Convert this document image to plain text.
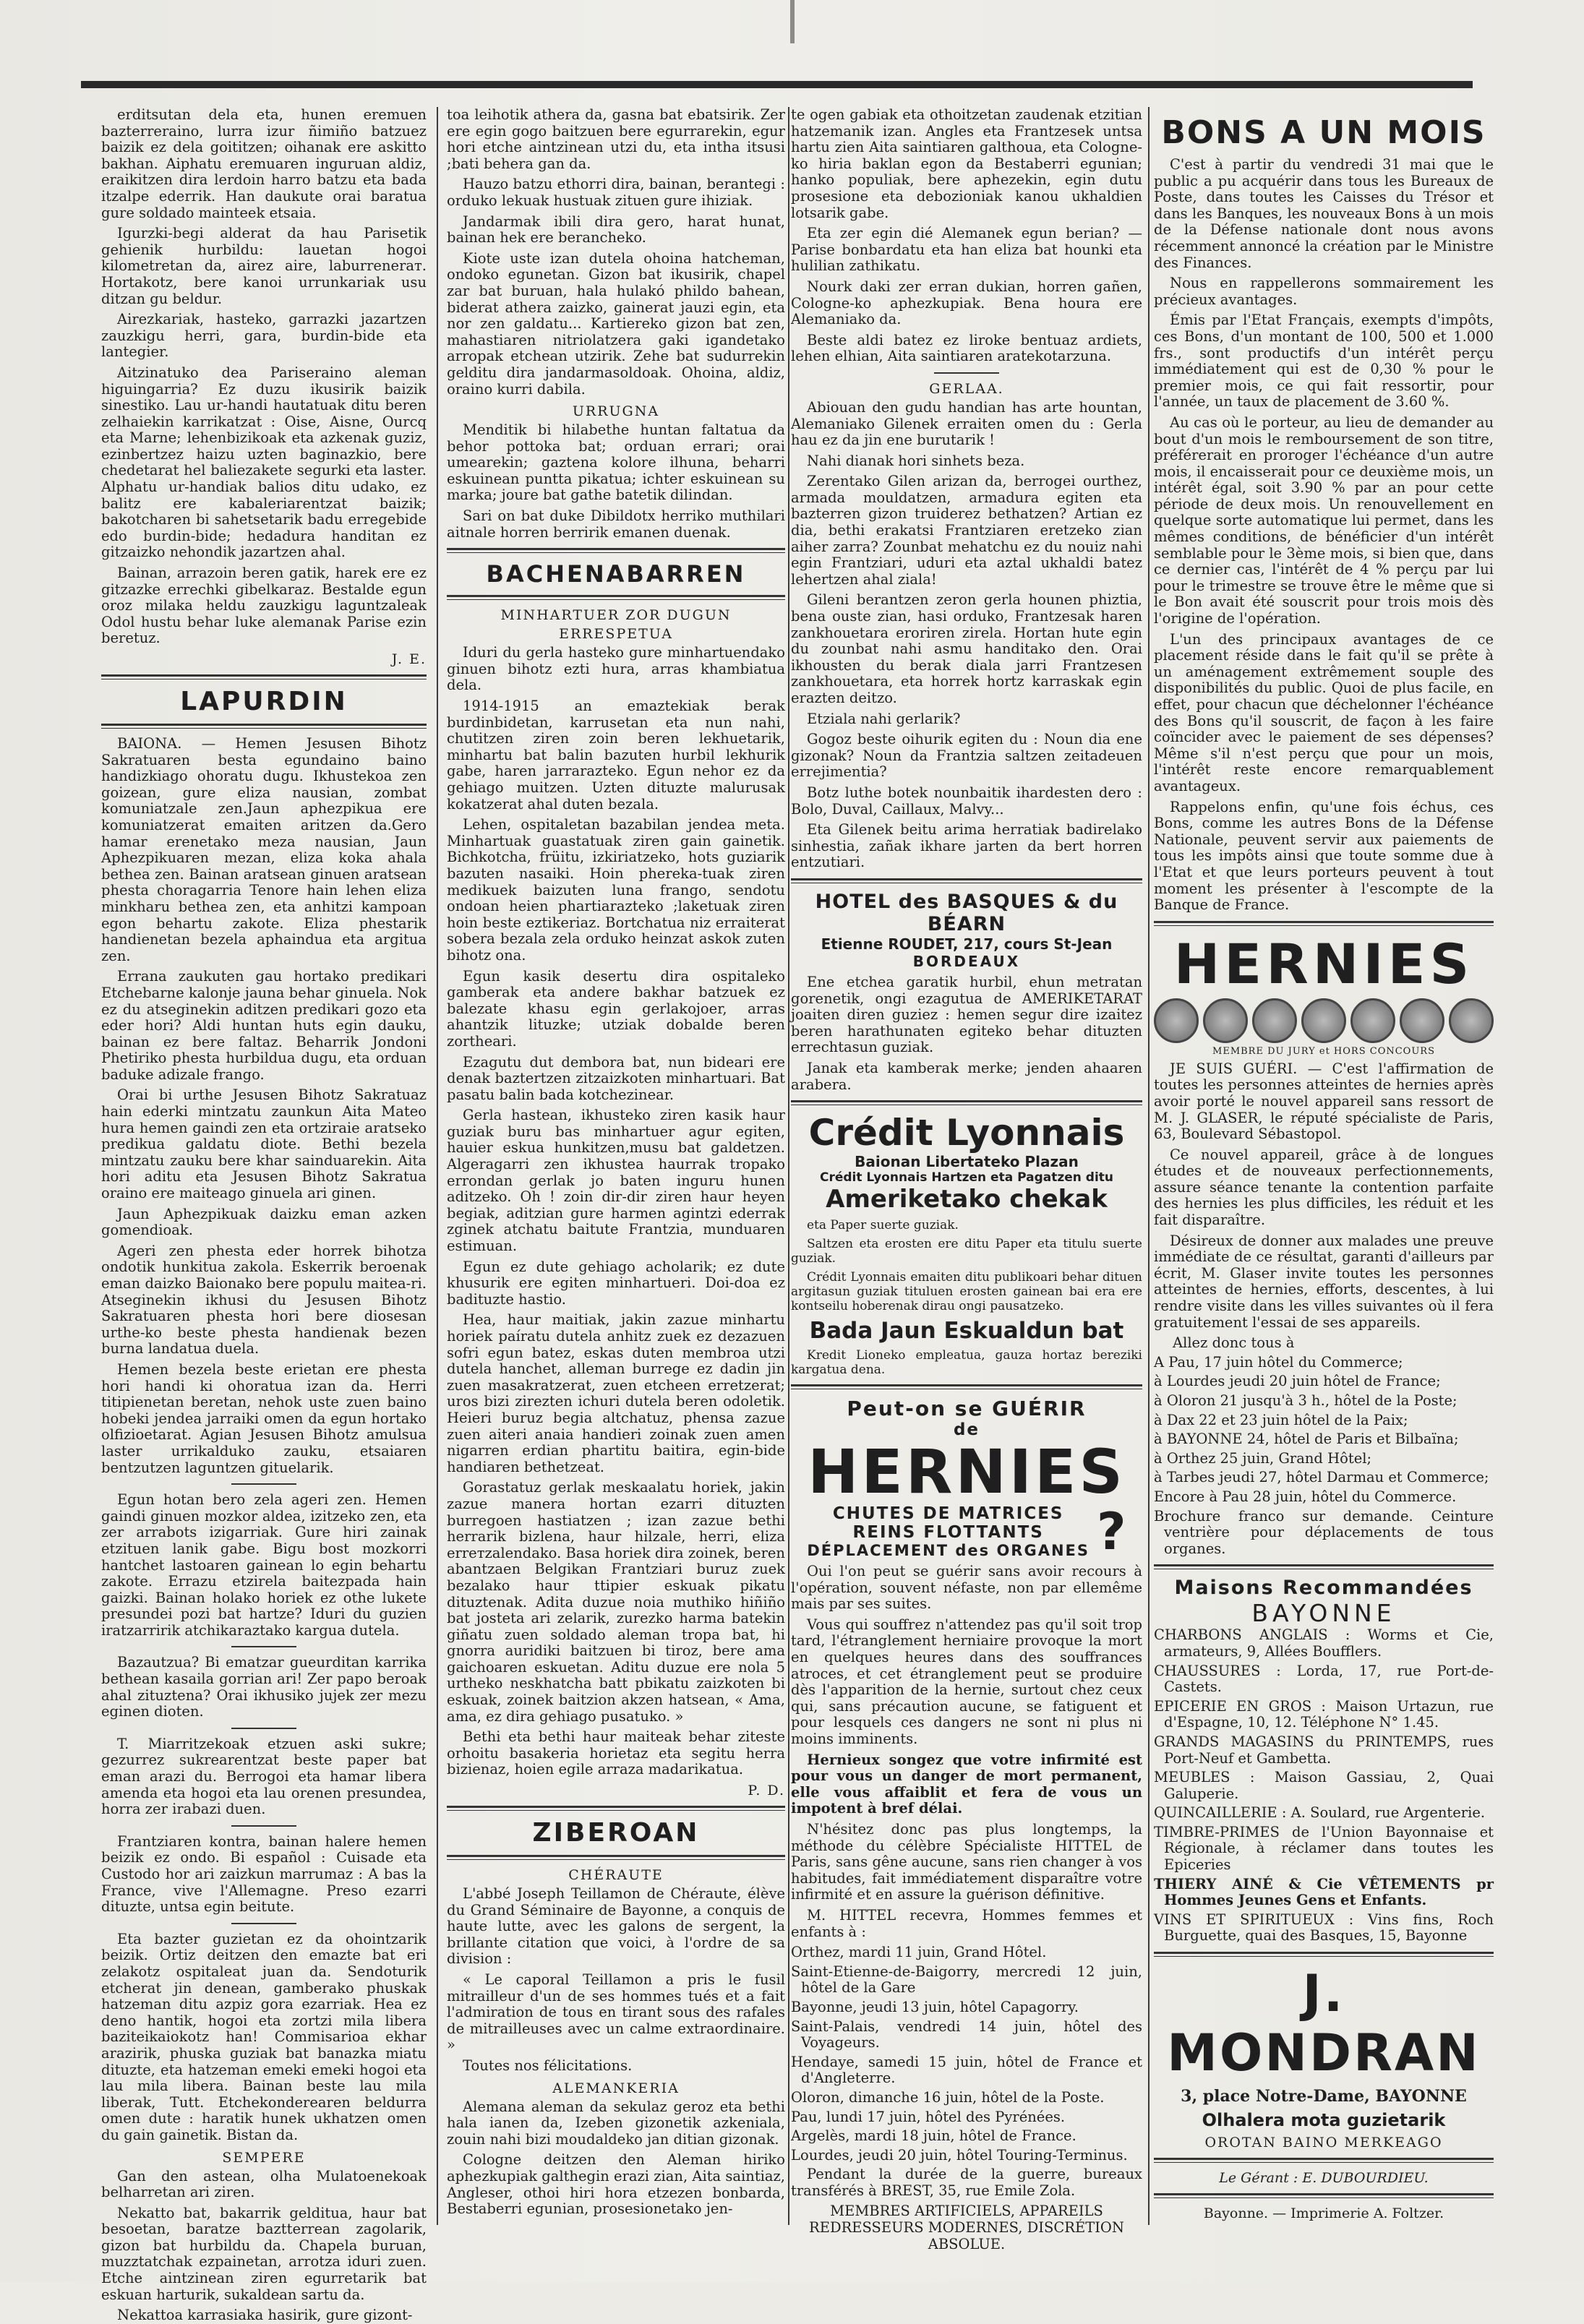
erditsutan dela eta, hunen eremuen bazterreraino, lurra izur ñimiño batzuez baizik ez dela goititzen; oihanak ere askitto bakhan. Aiphatu eremuaren inguruan aldiz, eraikitzen dira lerdoin harro batzu eta bada itzalpe ederrik. Han daukute orai baratua gure soldado mainteek etsaia.

Igurzki-begi alderat da hau Parisetik gehienik hurbildu: lauetan hogoi kilometretan da, airez aire, laburreneraт. Hortakotz, bere kanoi urrunkariak usu ditzan gu beldur.

Airezkariak, hasteko, garrazki jazartzen zauzkigu herri, gara, burdin-bide eta lantegier.

Aitzinatuko dea Pariseraino aleman higuingarria? Ez duzu ikusirik baizik sinestiko. Lau ur-handi hautatuak ditu beren zelhaiekin karrikatzat : Oise, Aisne, Ourcq eta Marne; lehenbizikoak eta azkenak guziz, ezinbertzez haizu uzten baginazkio, bere chedetarat hel baliezakete segurki eta laster. Alphatu ur-handiak balios ditu udako, ez balitz ere kabaleriarentzat baizik; bakotcharen bi sahetsetarik badu erregebide edo burdin-bide; hedadura handitan ez gitzaizko nehondik jazartzen ahal.

Bainan, arrazoin beren gatik, harek ere ez gitzazke errechki gibelkaraz. Bestalde egun oroz milaka heldu zauzkigu laguntzaleak Odol hustu behar luke alemanak Parise ezin beretuz.

J. E.
LAPURDIN

BAIONA. — Hemen Jesusen Bihotz Sakratuaren besta egundaino baino handizkiago ohoratu dugu. Ikhustekoa zen goizean, gure eliza nausian, zombat komuniatzale zen.Jaun aphezpikua ere komuniatzerat emaiten aritzen da.Gero hamar erenetako meza nausian, Jaun Aphezpikuaren mezan, eliza koka ahala bethea zen. Bainan aratsean ginuen aratsean phesta choragarria Tenore hain lehen eliza minkharu bethea zen, eta anhitzi kampoan egon behartu zakote. Eliza phestarik handienetan bezela aphaindua eta argitua zen.

Errana zaukuten gau hortako predikari Etchebarne kalonje jauna behar ginuela. Nok ez du atseginekin aditzen predikari gozo eta eder hori? Aldi huntan huts egin dauku, bainan ez bere faltaz. Beharrik Jondoni Phetiriko phesta hurbildua dugu, eta orduan baduke adizale frango.

Orai bi urthe Jesusen Bihotz Sakratuaz hain ederki mintzatu zaunkun Aita Mateo hura hemen gaindi zen eta ortziraie aratseko predikua galdatu diote. Bethi bezela mintzatu zauku bere khar sainduarekin. Aita hori aditu eta Jesusen Bihotz Sakratua oraino ere maiteago ginuela ari ginen.

Jaun Aphezpikuak daizku eman azken gomendioak.

Ageri zen phesta eder horrek bihotza ondotik hunkitua zakola. Eskerrik beroenak eman daizko Baionako bere populu maitea-ri. Atseginekin ikhusi du Jesusen Bihotz Sakratuaren phesta hori bere diosesan urthe-ko beste phesta handienak bezen burna landatua duela.

Hemen bezela beste erietan ere phesta hori handi ki ohoratua izan da. Herri titipienetan beretan, nehok uste zuen baino hobeki jendea jarraiki omen da egun hortako olfizioetarat. Agian Jesusen Bihotz amulsua laster urrikalduko zauku, etsaiaren bentzutzen laguntzen gituelarik.

Egun hotan bero zela ageri zen. Hemen gaindi ginuen mozkor aldea, izitzeko zen, eta zer arrabots izigarriak. Gure hiri zainak etzituen lanik gabe. Bigu bost mozkorri hantchet lastoaren gainean lo egin behartu zakote. Errazu etzirela baitezpada hain gaizki. Bainan holako horiek ez othe lukete presundei pozi bat hartze? Iduri du guzien iratzarririk atchikaraztako kargua dutela.

Bazautzua? Bi ematzar gueurditan karrika bethean kasaila gorrian ari! Zer papo beroak ahal zituztena? Orai ikhusiko jujek zer mezu eginen dioten.

T. Miarritzekoak etzuen aski sukre; gezurrez sukrearentzat beste paper bat eman arazi du. Berrogoi eta hamar libera amenda eta hogoi eta lau orenen presundea, horra zer irabazi duen.

Frantziaren kontra, bainan halere hemen beizik ez ondo. Bi español : Cuisade eta Custodo hor ari zaizkun marrumaz : A bas la France, vive l'Allemagne. Preso ezarri dituzte, untsa egin beitute.

Eta bazter guzietan ez da ohointzarik beizik. Ortiz deitzen den emazte bat eri zelakotz ospitaleat juan da. Sendoturik etcherat jin denean, gamberako phuskak hatzeman ditu azpiz gora ezarriak. Hea ez deno hantik, hogoi eta zortzi mila libera baziteikaiokotz han! Commisarioa ekhar arazirik, phuska guziak bat banazka miatu dituzte, eta hatzeman emeki emeki hogoi eta lau mila libera. Bainan beste lau mila liberak, Tutt. Etchekonderearen beldurra omen dute : haratik hunek ukhatzen omen du gain gainetik. Bistan da.

SEMPERE

Gan den astean, olha Mulatoenekoak belharretan ari ziren.

Nekatto bat, bakarrik gelditua, haur bat besoetan, baratze baztterrean zagolarik, gizon bat hurbildu da. Chapela buruan, muzztatchak ezpainetan, arrotza iduri zuen. Etche aintzinean ziren egurretarik bat eskuan harturik, sukaldean sartu da.

Nekattoa karrasiaka hasirik, gure gizont-

toa leihotik athera da, gasna bat ebatsirik. Zer ere egin gogo baitzuen bere egurrarekin, egur hori etche aintzinean utzi du, eta intha itsusi ;bati behera gan da.

Hauzo batzu ethorri dira, bainan, berantegi : orduko lekuak hustuak zituen gure ihiziak.

Jandarmak ibili dira gero, harat hunat, bainan hek ere berancheko.

Kiote uste izan dutela ohoina hatcheman, ondoko egunetan. Gizon bat ikusirik, chapel zar bat buruan, hala hulakó phildo bahean, biderat athera zaizko, gainerat jauzi egin, eta nor zen galdatu... Kartiereko gizon bat zen, mahastiaren nitriolatzera gaki igandetako arropak etchean utzirik. Zehe bat sudurrekin gelditu dira jandarmasoldoak. Ohoina, aldiz, oraino kurri dabila.

URRUGNA

Menditik bi hilabethe huntan faltatua da behor pottoka bat; orduan errari; orai umearekin; gaztena kolore ilhuna, beharri eskuinean puntta pikatua; ichter eskuinean su marka; joure bat gathe batetik dilindan.

Sari on bat duke Dibildotx herriko muthilari aitnale horren berririk emanen duenak.

BACHENABARREN
MINHARTUER ZOR DUGUN
ERRESPETUA

Iduri du gerla hasteko gure minhartuendako ginuen bihotz ezti hura, arras khambiatua dela.

1914-1915 an emaztekiak berak burdinbidetan, karrusetan eta nun nahi, chutitzen ziren zoin beren lekhuetarik, minhartu bat balin bazuten hurbil lekhurik gabe, haren jarraraztеko. Egun nehor ez da gehiago muitzen. Uzten dituzte malurusak kokatzerat ahal duten bezala.

Lehen, ospitaletan bazabilan jendea meta. Minhartuak guastatuak ziren gain gainetik. Bichkotcha, früitu, izkiriatzeko, hots guziarik bazuten nasaiki. Hoin phereka-tuak ziren medikuek baizuten luna frango, sendotu ondoan heien phartiaraztеko ;laketuak ziren hoin beste eztikeriaz. Bortchatua niz erraiterat sobera bezala zela orduko heinzat askok zuten bihotz ona.

Egun kasik desertu dira ospitaleko gamberak eta andere bakhar batzuek ez balezate khasu egin gerlakojoer, arras ahantzik lituzke; utziak dobalde beren zortheari.

Ezagutu dut dembora bat, nun bideari ere denak baztertzen zitzaizkoten minhartuari. Bat pasatu balin bada kotchezinear.

Gerla hastean, ikhusteko ziren kasik haur guziak buru bas minhartuer agur egiten, hauier eskua hunkitzen,musu bat galdetzen. Algeragarri zen ikhustea haurrak tropako errondan gerlak jo baten inguru hunen aditzeko. Oh ! zoin dir-dir ziren haur heyen begiak, aditzian gure harmen agintzi ederrak zginek atchatu baitute Frantzia, munduaren estimuan.

Egun ez dute gehiago acholarik; ez dute khusurik ere egiten minhartueri. Doi-doa ez badituzte hastio.

Hea, haur maitiak, jakin zazue minhartu horiek paíratu dutela anhitz zuek ez dezazuen sofri egun batez, eskas duten membroa utzi dutela hanchet, alleman burrege ez dadin jin zuen masakratzerat, zuen etcheen erretzerat; uros bizi zirezten ichuri dutela beren odoletik. Heieri buruz begia altchatuz, phensa zazue zuen aiteri anaia handieri zoinak zuen amen nigarren erdian phartitu baitira, egin-bide handiaren bethetzeat.

Gorastatuz gerlak meskaalatu horiek, jakin zazue manera hortan ezarri dituzten burregoen hastiatzen ; izan zazue bethi herrarik bizlena, haur hilzale, herri, eliza errетzalendako. Basa horiek dira zoinek, beren abantzaen Belgikan Frantziari buruz zuek bezalako haur ttipier eskuak pikatu dituztenak. Adita duzue noia muthiko hiñiño bat josteta ari zelarik, zurezko harma batekin giñatu zuen soldado aleman tropa bat, hi gnorra auridiki baitzuen bi tiroz, bere ama gaichoaren eskuetan. Aditu duzue ere nola 5 urtheko neskhatcha batt pbikatu zaizkoten bi eskuak, zoinek baitzion akzen hatsean, « Ama, ama, ez dira gehiago pusatuko. »

Bethi eta bethi haur maitеak behar ziteste orhoitu basakeria horietaz eta segitu herra bizienaz, hoien egile arraza madarikatua.

P. D.
ZIBEROAN
CHÉRAUTE

L'abbé Joseph Teillamon de Chéraute, élève du Grand Séminaire de Bayonne, a conquis de haute lutte, avec les galons de sergent, la brillante citation que voici, à l'ordre de sa division :

« Le caporal Teillamon a pris le fusil mitrailleur d'un de ses hommes tués et a fait l'admiration de tous en tirant sous des rafales de mitrailleuses avec un calme extraordinaire. »

Toutes nos félicitations.

ALEMANKERIA

Alemana aleman da sekulaz geroz eta bethi hala ianen da, Izeben gizonetik azkeniala, zouin nahi bizi moudaldeko jan ditian gizonak.

Cologne deitzen den Aleman hiriko aphezkupiak galthegin erazi zian, Aita saintiaz, Angleser, othoi hiri hora etzezen bonbardа, Bestaberri egunian, prosesionetako jen-

te ogen gabiak eta othoitzetan zaudenak etzitian hatzemanik izan. Angles eta Frantzesek untsa hartu zien Aita saintiaren galthoua, eta Cologne-ko hiria baklan egon da Bestaberri egunian; hanko populiak, bere aphezekin, egin dutu prosesione eta debozioniak kanou ukhaldien lotsarik gabe.

Eta zer egin dié Alemanek egun berian? — Parise bonbardatu eta han eliza bat hounki eta hulilian zathikatu.

Nourk daki zer erran dukian, horren gañen, Cologne-ko aphezkupiak. Bena houra ere Alemaniako da.

Beste aldi batez ez liroke bentuaz ardiets, lehen elhian, Aita saintiaren aratekotarzuna.

GERLAA.

Abiouan den gudu handian has arte hountan, Alemaniako Gilenek erraiten omen du : Gerla hau ez da jin ene burutarik !

Nahi dianak hori sinhets beza.

Zerentako Gilen arizan da, berrogei ourthez, armada mouldatzen, armadura egiten eta bazterren gizon truiderez bethatzen? Artian ez dia, bethi erakatsi Frantziaren eretzeko zian aiher zarra? Zounbat mehatchu ez du nouiz nahi egin Frantziari, uduri eta aztal ukhaldi batez lehertzen ahal ziala!

Gileni berantzen zeron gerla hounen phiztia, bena ouste zian, hasi orduko, Frantzesak haren zankhouetara eroriren zirela. Hortan hute egin du zounbat nahi asmu handitako den. Orai ikhousten du berak diala jarri Frantzesen zankhouetara, eta horrek hortz karraskak egin erazten deitzo.

Etziala nahi gerlarik?

Gogoz beste oihurik egiten du : Noun dia ene gizonak? Noun da Frantzia saltzen zeitadeuen errejimentia?

Botz luthe botek nounbaitik ihardesten dero : Bolo, Duval, Caillaux, Malvy...

Eta Gilenek beitu arima herratiak badirelako sinhestia, zañak ikhare jarten da bert horren entzutiari.

HOTEL des BASQUES & du BÉARN
Etienne ROUDET, 217, cours St-Jean
BORDEAUX

Ene etchea garatik hurbil, ehun metratan gorenetik, ongi ezagutua de AMERIKETARAT joaiten diren guziez : hemen segur dire izaitez beren harathunaten egiteko behar dituzten errechtasun guziak.

Janak eta kamberak merke; jenden ahaaren arabera.

Crédit Lyonnais
Baionan Libertateko Plazan
Crédit Lyonnais Hartzen eta Pagatzen ditu
Ameriketako chekak

eta Paper suerte guziak.

Saltzen eta erosten ere ditu Paper eta titulu suerte guziak.

Crédit Lyonnais emaiten ditu publikoari behar dituen argitasun guziak tituluen erosten gainean bai era ere kontseilu hoberenak dirau ongi pausatzeko.

Bada Jaun Eskualdun bat

Kredit Lioneko emplеatua, gauza hortaz bereziki kargatua dena.

Peut-on se GUÉRIR
de
HERNIES
CHUTES DE MATRICES
REINS FLOTTANTS
DÉPLACEMENT des ORGANES ?

Oui l'on peut se guérir sans avoir recours à l'opération, souvent néfaste, non par ellemême mais par ses suites.

Vous qui souffrez n'attendez pas qu'il soit trop tard, l'étranglement herniaire provoque la mort en quelques heures dans des souffrances atroces, et cet étranglement peut se produire dès l'apparition de la hernie, surtout chez ceux qui, sans précaution aucune, se fatiguent et pour lesquels ces dangers ne sont ni plus ni moins imminents.

Hernieux songez que votre infirmité est pour vous un danger de mort permanent, elle vous affaiblit et fera de vous un impotent à bref délai.

N'hésitez donc pas plus longtemps, la méthode du célèbre Spécialiste HITTEL de Paris, sans gêne aucune, sans rien changer à vos habitudes, fait immédiatement disparaître votre infirmité et en assure la guérison définitive.

M. HITTEL recevra, Hommes femmes et enfants à :

Orthez, mardi 11 juin, Grand Hôtel.
Saint-Etienne-de-Baigorry, mercredi 12 juin, hôtel de la Gare
Bayonne, jeudi 13 juin, hôtel Capagorry.
Saint-Palais, vendredi 14 juin, hôtel des Voyageurs.
Hendaye, samedi 15 juin, hôtel de France et d'Angleterre.
Oloron, dimanche 16 juin, hôtel de la Poste.
Pau, lundi 17 juin, hôtel des Pyrénées.
Argelès, mardi 18 juin, hôtel de France.
Lourdes, jeudi 20 juin, hôtel Touring-Terminus.

Pendant la durée de la guerre, bureaux transférés à BREST, 35, rue Emile Zola.

MEMBRES ARTIFICIELS, APPAREILS REDRESSEURS MODERNES, DISCRÉTION ABSOLUE.

BONS A UN MOIS

C'est à partir du vendredi 31 mai que le public a pu acquérir dans tous les Bureaux de Poste, dans toutes les Caisses du Trésor et dans les Banques, les nouveaux Bons à un mois de la Défense nationale dont nous avons récemment annoncé la création par le Ministre des Finances.

Nous en rappellerons sommairement les précieux avantages.

Émis par l'Etat Français, exempts d'impôts, ces Bons, d'un montant de 100, 500 et 1.000 frs., sont productifs d'un intérêt perçu immédiatement qui est de 0,30 % pour le premier mois, ce qui fait ressortir, pour l'année, un taux de placement de 3.60 %.

Au cas où le porteur, au lieu de demander au bout d'un mois le remboursement de son titre, préférerait en proroger l'échéance d'un autre mois, il encaisserait pour ce deuxième mois, un intérêt égal, soit 3.90 % par an pour cette période de deux mois. Un renouvellement en quelque sorte automatique lui permet, dans les mêmes conditions, de bénéficier d'un intérêt semblable pour le 3ème mois, si bien que, dans ce dernier cas, l'intérêt de 4 % perçu par lui pour le trimestre se trouve être le même que si le Bon avait été souscrit pour trois mois dès l'origine de l'opération.

L'un des principaux avantages de ce placement réside dans le fait qu'il se prête à un aménagement extrêmement souple des disponibilités du public. Quoi de plus facile, en effet, pour chacun que déchelonner l'échéance des Bons qu'il souscrit, de façon à les faire coïncider avec le paiement de ses dépenses? Même s'il n'est perçu que pour un mois, l'intérêt reste encore remarquablement avantageux.

Rappelons enfin, qu'une fois échus, ces Bons, comme les autres Bons de la Défense Nationale, peuvent servir aux paiements de tous les impôts ainsi que toute somme due à l'Etat et que leurs porteurs peuvent à tout moment les présenter à l'escompte de la Banque de France.

HERNIES
MEMBRE DU JURY et HORS CONCOURS

JE SUIS GUÉRI. — C'est l'affirmation de toutes les personnes atteintes de hernies après avoir porté le nouvel appareil sans ressort de M. J. GLASER, le réputé spécialiste de Paris, 63, Boulevard Sébastopol.

Ce nouvel appareil, grâce à de longues études et de nouveaux perfectionnements, assure séance tenante la contention parfaite des hernies les plus difficiles, les réduit et les fait disparaître.

Désireux de donner aux malades une preuve immédiate de ce résultat, garanti d'ailleurs par écrit, M. Glaser invite toutes les personnes atteintes de hernies, efforts, descentes, à lui rendre visite dans les villes suivantes où il fera gratuitement l'essai de ses appareils.

Allez donc tous à
A Pau, 17 juin hôtel du Commerce;
à Lourdes jeudi 20 juin hôtel de France;
à Oloron 21 jusqu'à 3 h., hôtel de la Poste;
à Dax 22 et 23 juin hôtel de la Paix;
à BAYONNE 24, hôtel de Paris et Bilbaïna;
à Orthez 25 juin, Grand Hôtel;
à Tarbes jeudi 27, hôtel Darmau et Commerce;
Encore à Pau 28 juin, hôtel du Commerce.
Brochure franco sur demande. Ceinture ventrière pour déplacements de tous organes.
Maisons Recommandées
BAYONNE
CHARBONS ANGLAIS : Worms et Cie, armateurs, 9, Allées Boufflers.
CHAUSSURES : Lorda, 17, rue Port-de-Castets.
EPICERIE EN GROS : Maison Urtazun, rue d'Espagne, 10, 12. Téléphone N° 1.45.
GRANDS MAGASINS du PRINTEMPS, rues Port-Neuf et Gambetta.
MEUBLES : Maison Gassiau, 2, Quai Galuperie.
QUINCAILLERIE : A. Soulard, rue Argenterie.
TIMBRE-PRIMES de l'Union Bayonnaise et Régionale, à réclamer dans toutes les Epiceries
THIERY AINÉ & Cie VÊTEMENTS pr Hommes Jeunes Gens et Enfants.
VINS ET SPIRITUEUX : Vins fins, Roch Burguette, quai des Basques, 15, Bayonne
J. MONDRAN
3, place Notre-Dame, BAYONNE
Olhalera mota guzietarik
OROTAN BAINO MERKEAGO
Le Gérant : E. DUBOURDIEU.
Bayonne. — Imprimerie A. Foltzer.
